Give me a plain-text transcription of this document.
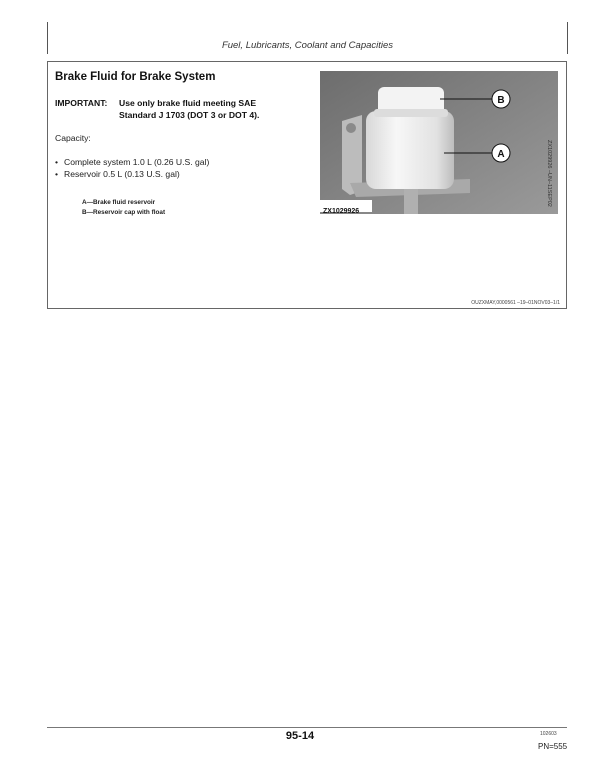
Fuel, Lubricants, Coolant and Capacities
Brake Fluid for Brake System
IMPORTANT: Use only brake fluid meeting SAE
Standard J 1703 (DOT 3 or DOT 4).
Capacity:
• Complete system 1.0 L (0.26 U.S. gal)
• Reservoir 0.5 L (0.13 U.S. gal)
A—Brake fluid reservoir
B—Reservoir cap with float
B
A
ZX1029926
ZX1029926 –UN–11SEP02
OUZXMAY,0000561 –19–01NOV03–1/1
95-14	102603
PN=555
